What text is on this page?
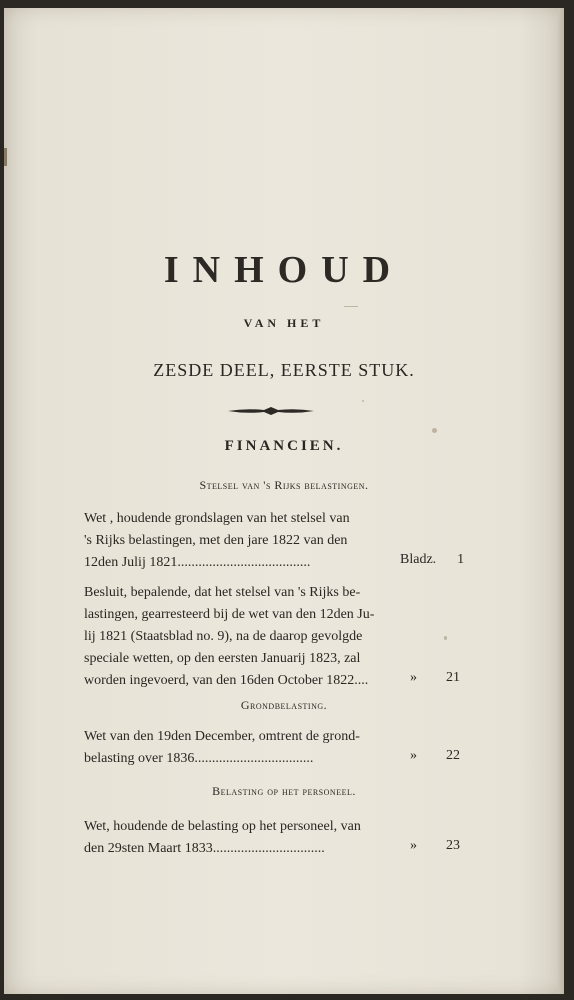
INHOUD
VAN HET
ZESDE DEEL, EERSTE STUK.
FINANCIEN.
Stelsel van 's Rijks belastingen.
Wet , houdende grondslagen van het stelsel van
's Rijks belastingen, met den jare 1822 van den
12den Julij 1821......................................	Bladz. 1
Besluit, bepalende, dat het stelsel van 's Rijks be-
lastingen, gearresteerd bij de wet van den 12den Ju-
lij 1821 (Staatsblad no. 9), na de daarop gevolgde
speciale wetten, op den eersten Januarij 1823, zal
worden ingevoerd, van den 16den October 1822....	» 21
Grondbelasting.
Wet van den 19den December, omtrent de grond-
belasting over 1836..................................	» 22
Belasting op het personeel.
Wet, houdende de belasting op het personeel, van
den 29sten Maart 1833................................	» 23
